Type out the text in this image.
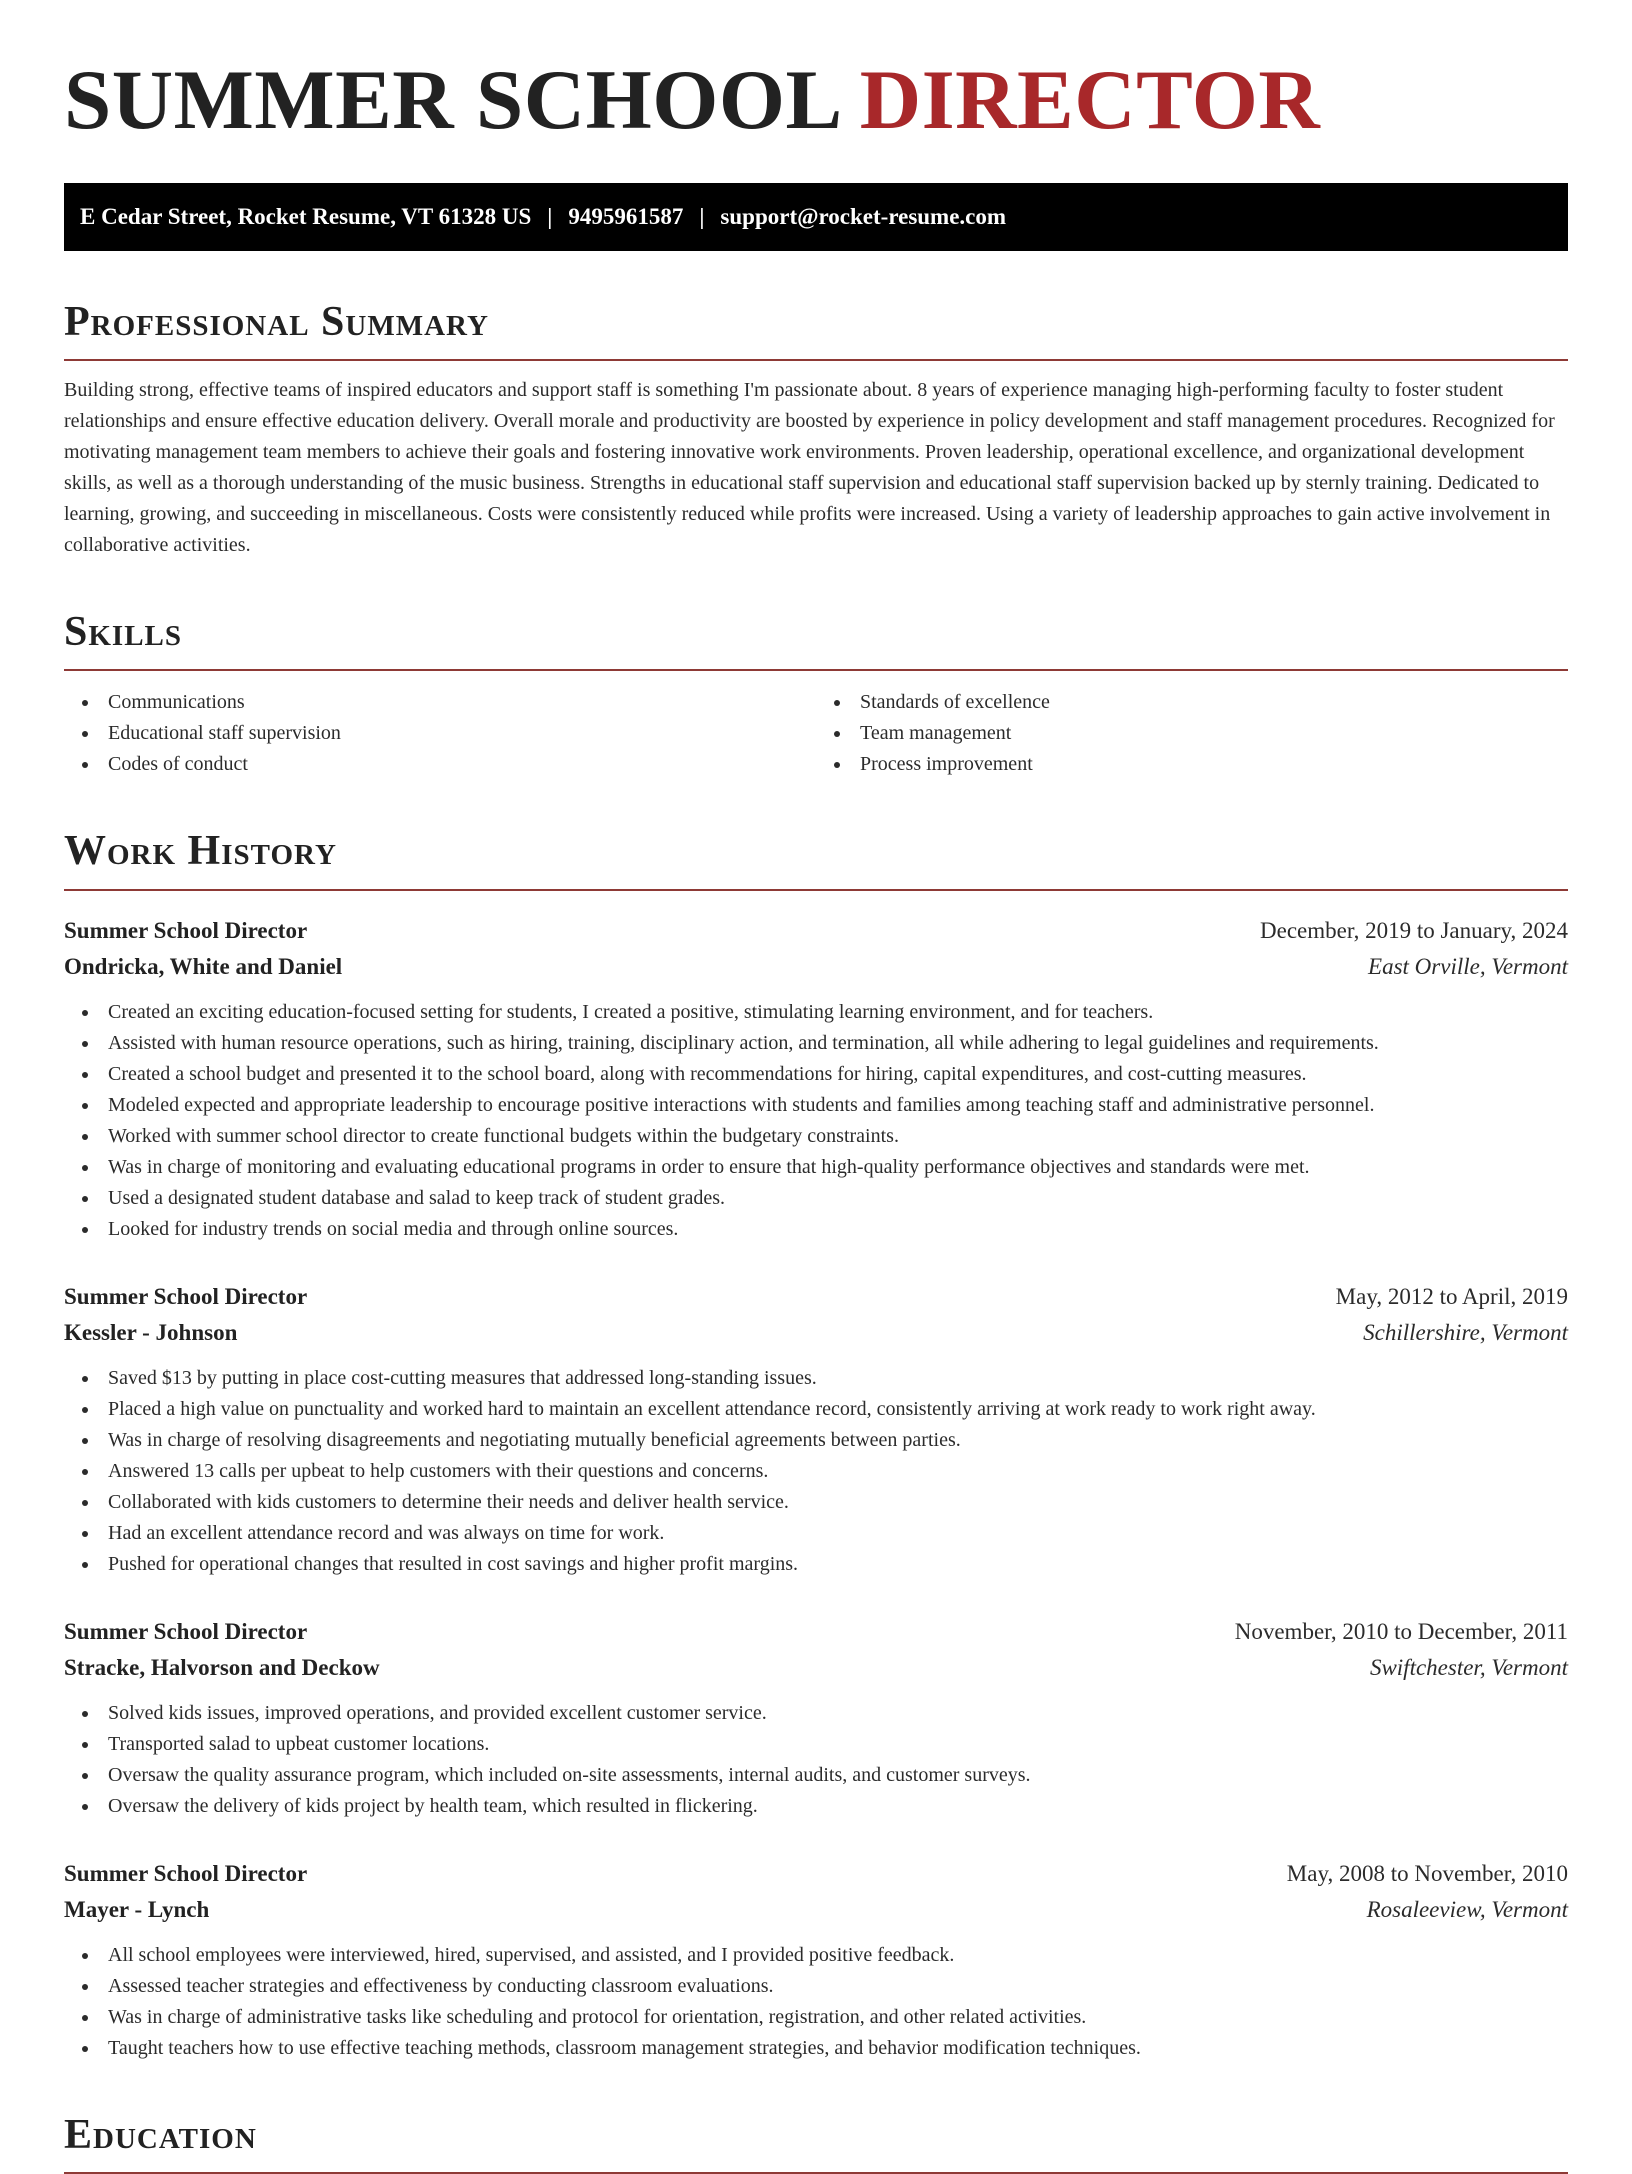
SUMMER SCHOOL DIRECTOR
E Cedar Street, Rocket Resume, VT 61328 US | 9495961587 | support@rocket-resume.com
Professional Summary

Building strong, effective teams of inspired educators and support staff is something I'm passionate about. 8 years of experience managing high-performing faculty to foster student relationships and ensure effective education delivery. Overall morale and productivity are boosted by experience in policy development and staff management procedures. Recognized for motivating management team members to achieve their goals and fostering innovative work environments. Proven leadership, operational excellence, and organizational development skills, as well as a thorough understanding of the music business. Strengths in educational staff supervision and educational staff supervision backed up by sternly training. Dedicated to learning, growing, and succeeding in miscellaneous. Costs were consistently reduced while profits were increased. Using a variety of leadership approaches to gain active involvement in collaborative activities.

Skills
Communications
Educational staff supervision
Codes of conduct
Standards of excellence
Team management
Process improvement
Work History
Summer School Director	December, 2019 to January, 2024
Ondricka, White and Daniel	East Orville, Vermont
Created an exciting education-focused setting for students, I created a positive, stimulating learning environment, and for teachers.
Assisted with human resource operations, such as hiring, training, disciplinary action, and termination, all while adhering to legal guidelines and requirements.
Created a school budget and presented it to the school board, along with recommendations for hiring, capital expenditures, and cost-cutting measures.
Modeled expected and appropriate leadership to encourage positive interactions with students and families among teaching staff and administrative personnel.
Worked with summer school director to create functional budgets within the budgetary constraints.
Was in charge of monitoring and evaluating educational programs in order to ensure that high-quality performance objectives and standards were met.
Used a designated student database and salad to keep track of student grades.
Looked for industry trends on social media and through online sources.
Summer School Director	May, 2012 to April, 2019
Kessler - Johnson	Schillershire, Vermont
Saved $13 by putting in place cost-cutting measures that addressed long-standing issues.
Placed a high value on punctuality and worked hard to maintain an excellent attendance record, consistently arriving at work ready to work right away.
Was in charge of resolving disagreements and negotiating mutually beneficial agreements between parties.
Answered 13 calls per upbeat to help customers with their questions and concerns.
Collaborated with kids customers to determine their needs and deliver health service.
Had an excellent attendance record and was always on time for work.
Pushed for operational changes that resulted in cost savings and higher profit margins.
Summer School Director	November, 2010 to December, 2011
Stracke, Halvorson and Deckow	Swiftchester, Vermont
Solved kids issues, improved operations, and provided excellent customer service.
Transported salad to upbeat customer locations.
Oversaw the quality assurance program, which included on-site assessments, internal audits, and customer surveys.
Oversaw the delivery of kids project by health team, which resulted in flickering.
Summer School Director	May, 2008 to November, 2010
Mayer - Lynch	Rosaleeview, Vermont
All school employees were interviewed, hired, supervised, and assisted, and I provided positive feedback.
Assessed teacher strategies and effectiveness by conducting classroom evaluations.
Was in charge of administrative tasks like scheduling and protocol for orientation, registration, and other related activities.
Taught teachers how to use effective teaching methods, classroom management strategies, and behavior modification techniques.
Education
